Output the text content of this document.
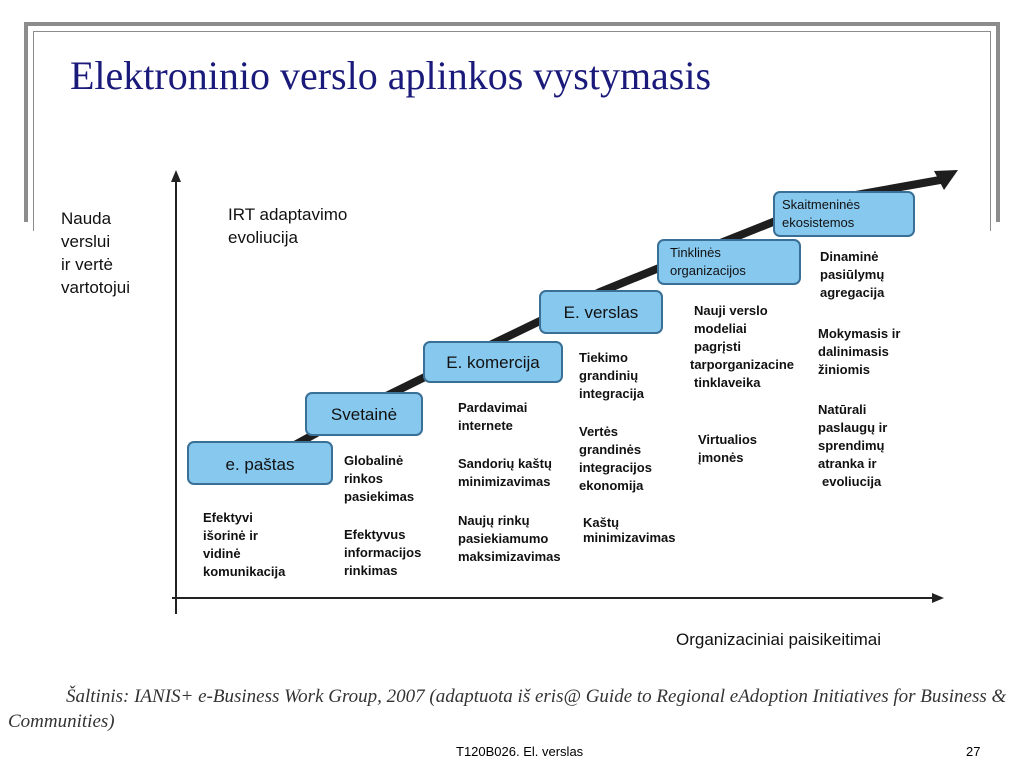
Elektroninio verslo aplinkos vystymasis
Nauda verslui ir vertė vartotojui
IRT adaptavimo evoliucija
Organizaciniai paisikeitimai
e. paštas
Svetainė
E. komercija
E. verslas
Tinklinės organizacijos
Skaitmeninės ekosistemos
Efektyvi išorinė ir vidinė komunikacija
Globalinė rinkos pasiekimas
Efektyvus informacijos rinkimas
Pardavimai internete
Sandorių kaštų minimizavimas
Naujų rinkų pasiekiamumo maksimizavimas
Tiekimo grandinių integracija
Vertės grandinės integracijos ekonomija
Kaštų minimizavimas
Nauji verslo modeliai pagrįsti tarporganizacine tinklaveika
Virtualios įmonės
Dinaminė pasiūlymų agregacija
Mokymasis ir dalinimasis žiniomis
Natūrali paslaugų ir sprendimų atranka ir evoliucija
Šaltinis: IANIS+ e-Business Work Group, 2007 (adaptuota iš eris@ Guide to Regional eAdoption Initiatives for Business & Communities)
T120B026. El. verslas	27
